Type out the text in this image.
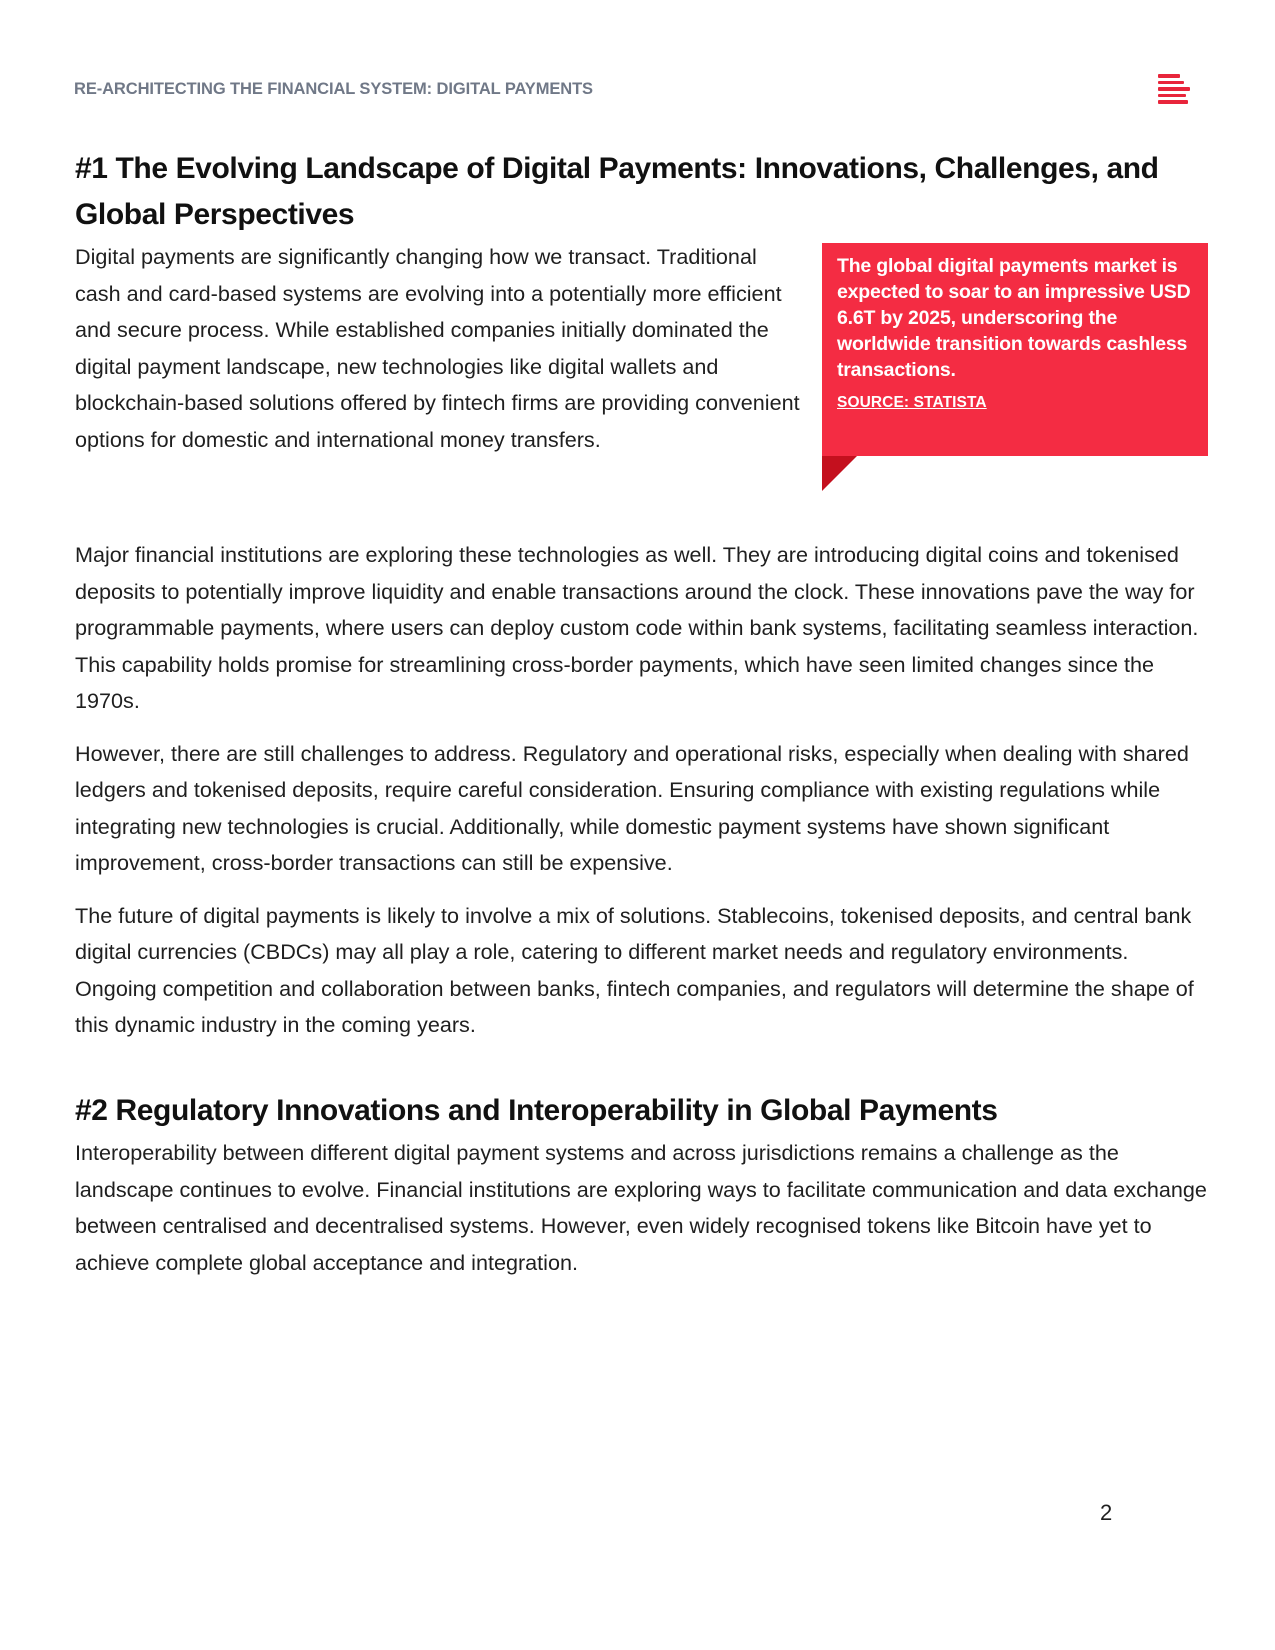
RE-ARCHITECTING THE FINANCIAL SYSTEM: DIGITAL PAYMENTS
#1 The Evolving Landscape of Digital Payments: Innovations, Challenges, and Global Perspectives

Digital payments are significantly changing how we transact. Traditional cash and card-based systems are evolving into a potentially more efficient and secure process. While established companies initially dominated the digital payment landscape, new technologies like digital wallets and blockchain-based solutions offered by fintech firms are providing convenient options for domestic and international money transfers.

The global digital payments market is expected to soar to an impressive USD 6.6T by 2025, underscoring the worldwide transition towards cashless transactions.
SOURCE: STATISTA

Major financial institutions are exploring these technologies as well. They are introducing digital coins and tokenised deposits to potentially improve liquidity and enable transactions around the clock. These innovations pave the way for programmable payments, where users can deploy custom code within bank systems, facilitating seamless interaction. This capability holds promise for streamlining cross-border payments, which have seen limited changes since the 1970s.

However, there are still challenges to address. Regulatory and operational risks, especially when dealing with shared ledgers and tokenised deposits, require careful consideration. Ensuring compliance with existing regulations while integrating new technologies is crucial. Additionally, while domestic payment systems have shown significant improvement, cross-border transactions can still be expensive.

The future of digital payments is likely to involve a mix of solutions. Stablecoins, tokenised deposits, and central bank digital currencies (CBDCs) may all play a role, catering to different market needs and regulatory environments. Ongoing competition and collaboration between banks, fintech companies, and regulators will determine the shape of this dynamic industry in the coming years.

#2 Regulatory Innovations and Interoperability in Global Payments

Interoperability between different digital payment systems and across jurisdictions remains a challenge as the landscape continues to evolve. Financial institutions are exploring ways to facilitate communication and data exchange between centralised and decentralised systems. However, even widely recognised tokens like Bitcoin have yet to achieve complete global acceptance and integration.

2
